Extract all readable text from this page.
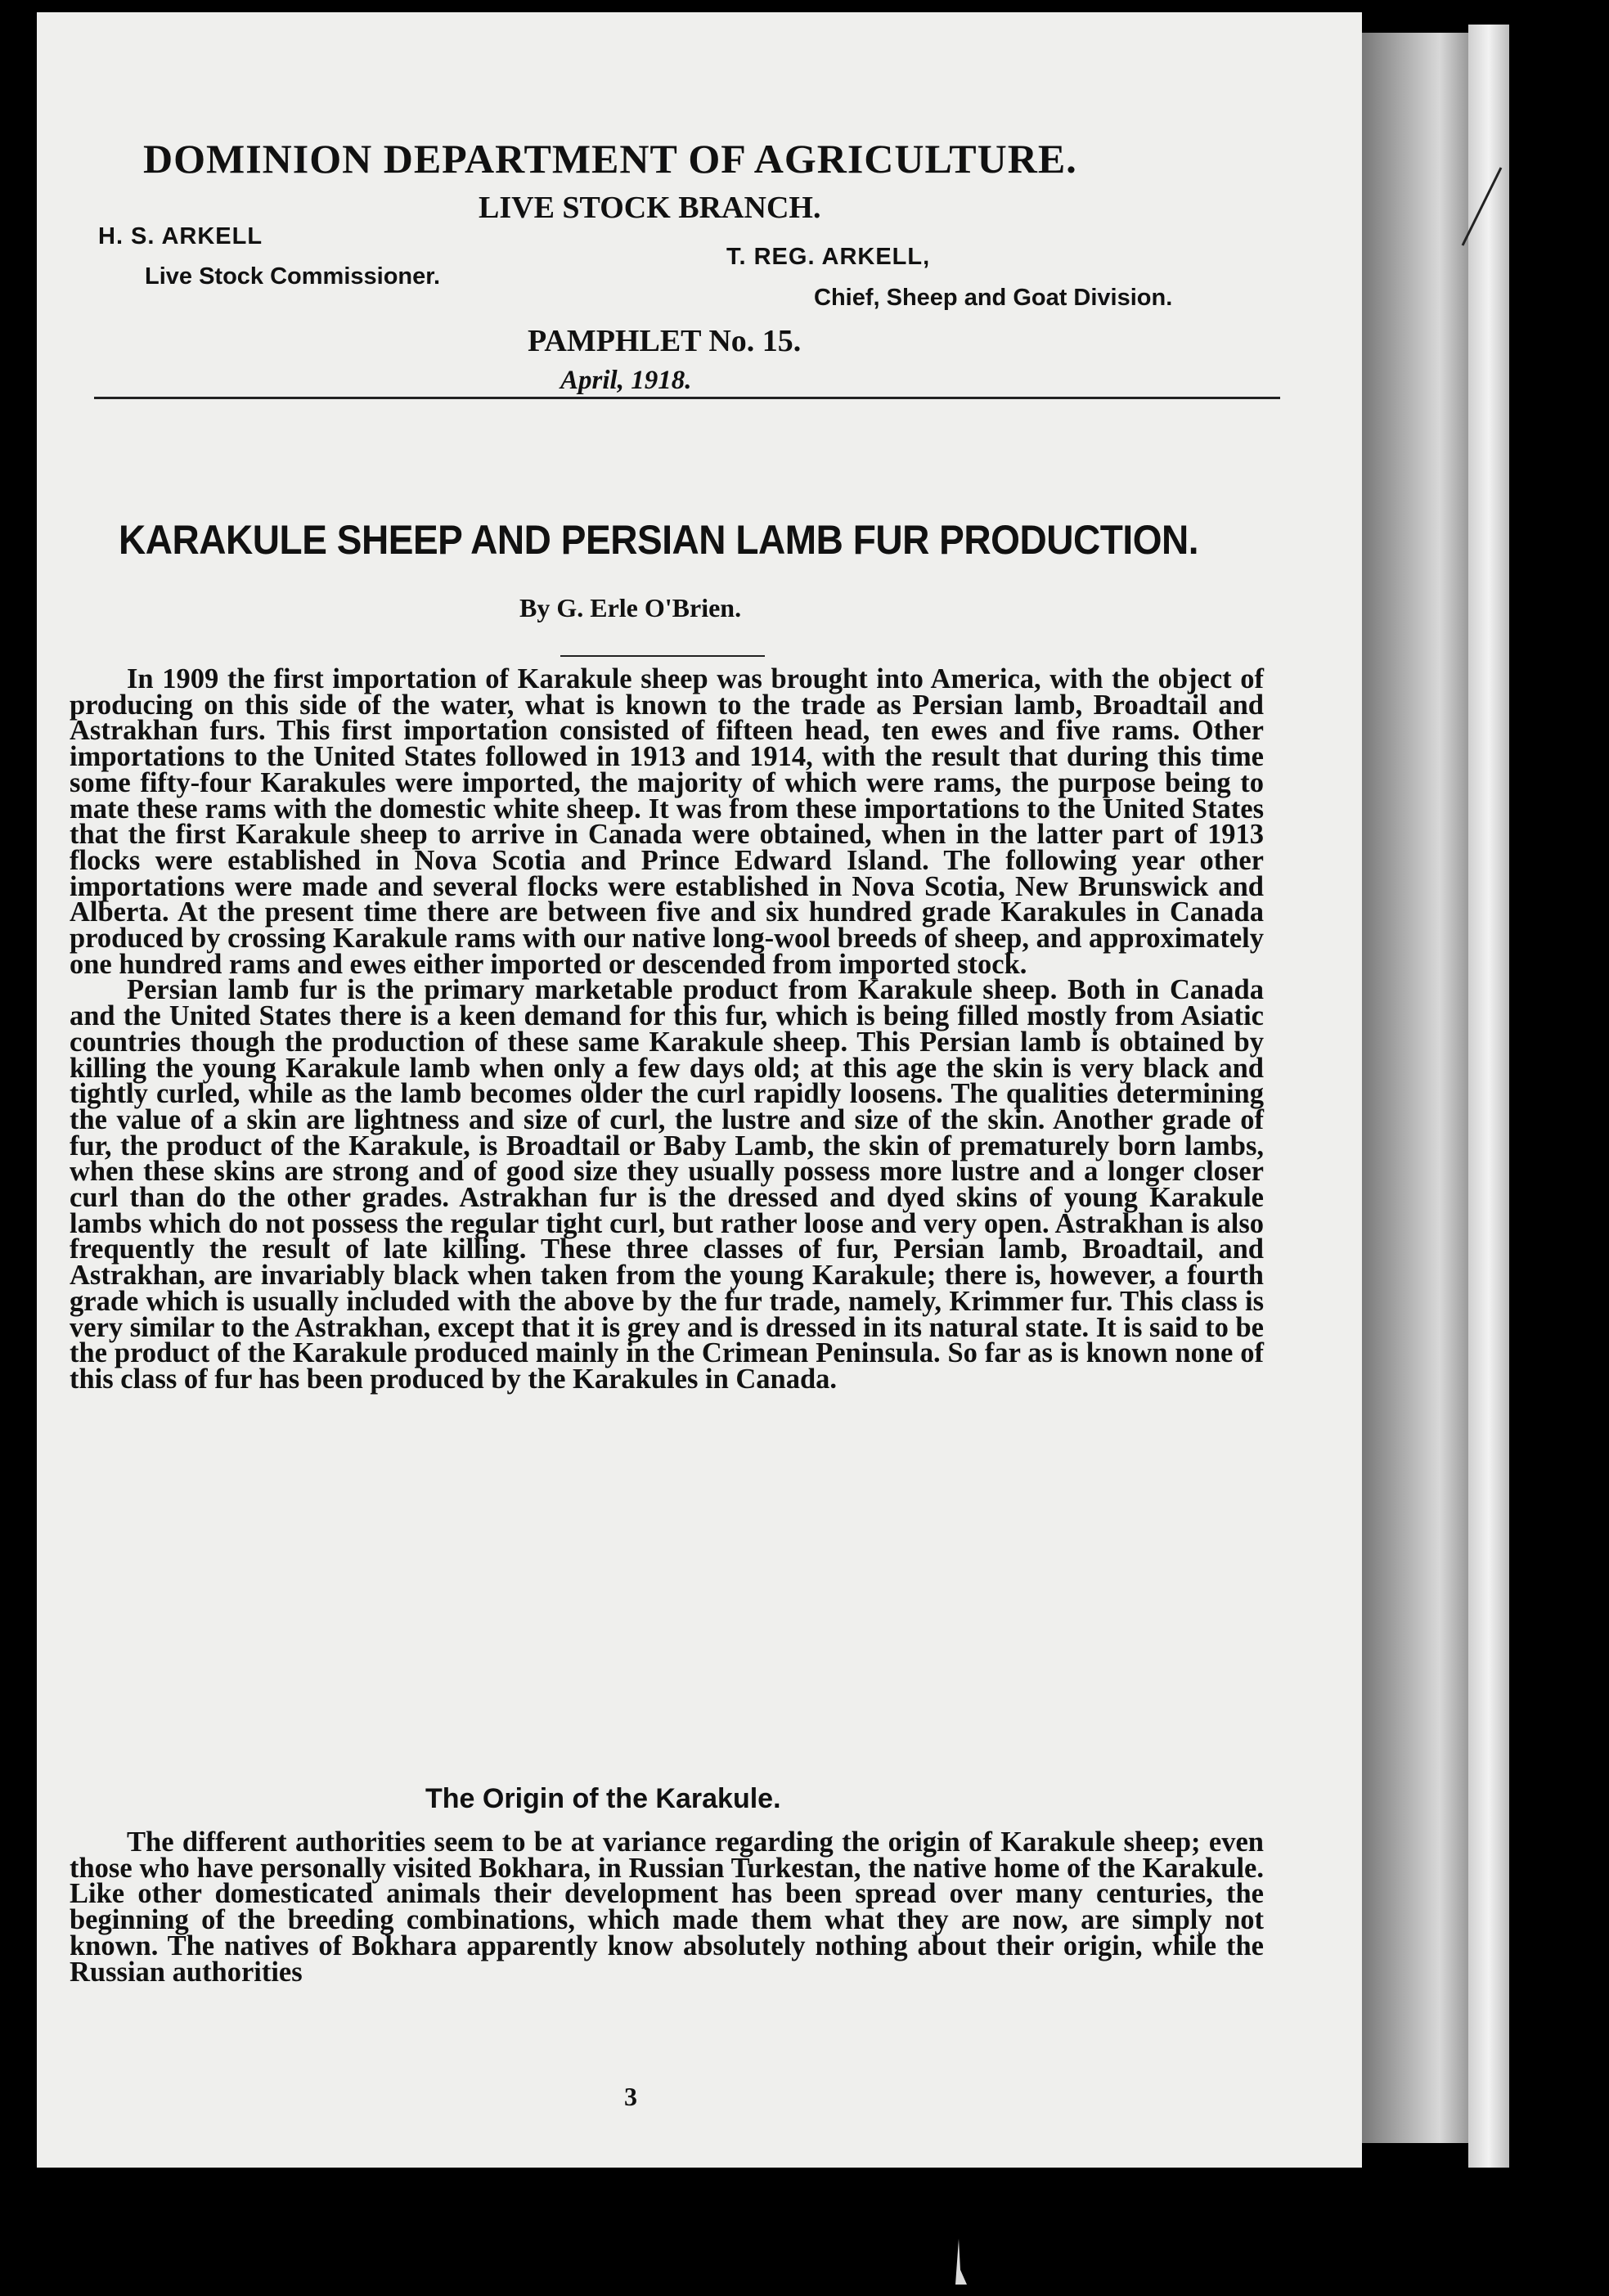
DOMINION DEPARTMENT OF AGRICULTURE.
LIVE STOCK BRANCH.
H. S. ARKELL
Live Stock Commissioner.
T. REG. ARKELL,
Chief, Sheep and Goat Division.
PAMPHLET No. 15.
April, 1918.
KARAKULE SHEEP AND PERSIAN LAMB FUR PRODUCTION.
By G. Erle O'Brien.

In 1909 the first importation of Karakule sheep was brought into America, with the object of producing on this side of the water, what is known to the trade as Persian lamb, Broadtail and Astrakhan furs. This first importation consisted of fifteen head, ten ewes and five rams. Other importations to the United States followed in 1913 and 1914, with the result that during this time some fifty-four Karakules were imported, the majority of which were rams, the purpose being to mate these rams with the domestic white sheep. It was from these importations to the United States that the first Karakule sheep to arrive in Canada were obtained, when in the latter part of 1913 flocks were established in Nova Scotia and Prince Edward Island. The following year other importations were made and several flocks were established in Nova Scotia, New Brunswick and Alberta. At the present time there are between five and six hundred grade Karakules in Canada produced by crossing Karakule rams with our native long-wool breeds of sheep, and approximately one hundred rams and ewes either imported or descended from imported stock.

Persian lamb fur is the primary marketable product from Karakule sheep. Both in Canada and the United States there is a keen demand for this fur, which is being filled mostly from Asiatic countries though the production of these same Karakule sheep. This Persian lamb is obtained by killing the young Karakule lamb when only a few days old; at this age the skin is very black and tightly curled, while as the lamb becomes older the curl rapidly loosens. The qualities determining the value of a skin are lightness and size of curl, the lustre and size of the skin. Another grade of fur, the product of the Karakule, is Broadtail or Baby Lamb, the skin of prematurely born lambs, when these skins are strong and of good size they usually possess more lustre and a longer closer curl than do the other grades. Astrakhan fur is the dressed and dyed skins of young Karakule lambs which do not possess the regular tight curl, but rather loose and very open. Astrakhan is also frequently the result of late killing. These three classes of fur, Persian lamb, Broadtail, and Astrakhan, are invariably black when taken from the young Karakule; there is, however, a fourth grade which is usually included with the above by the fur trade, namely, Krimmer fur. This class is very similar to the Astrakhan, except that it is grey and is dressed in its natural state. It is said to be the product of the Karakule produced mainly in the Crimean Peninsula. So far as is known none of this class of fur has been produced by the Karakules in Canada.

The Origin of the Karakule.

The different authorities seem to be at variance regarding the origin of Karakule sheep; even those who have personally visited Bokhara, in Russian Turkestan, the native home of the Karakule. Like other domesticated animals their development has been spread over many centuries, the beginning of the breeding combinations, which made them what they are now, are simply not known. The natives of Bokhara apparently know absolutely nothing about their origin, while the Russian authorities

3
